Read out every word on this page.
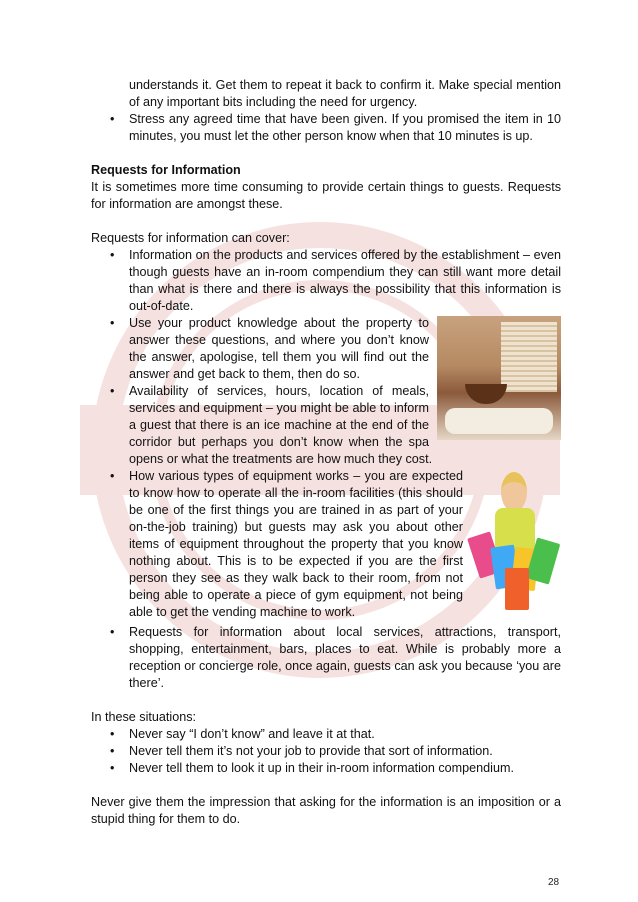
understands it. Get them to repeat it back to confirm it. Make special mention of any important bits including the need for urgency.

•	Stress any agreed time that have been given. If you promised the item in 10 minutes, you must let the other person know when that 10 minutes is up.

Requests for Information

It is sometimes more time consuming to provide certain things to guests. Requests for information are amongst these.

Requests for information can cover:

•	Information on the products and services offered by the establishment – even though guests have an in-room compendium they can still want more detail than what is there and there is always the possibility that this information is out-of-date.
•	Use your product knowledge about the property to answer these questions, and where you don’t know the answer, apologise, tell them you will find out the answer and get back to them, then do so.
•	Availability of services, hours, location of meals, services and equipment – you might be able to inform a guest that there is an ice machine at the end of the corridor but perhaps you don’t know when the spa opens or what the treatments are how much they cost.
•	How various types of equipment works – you are expected to know how to operate all the in-room facilities (this should be one of the first things you are trained in as part of your on-the-job training) but guests may ask you about other items of equipment throughout the property that you know nothing about. This is to be expected if you are the first person they see as they walk back to their room, from not being able to operate a piece of gym equipment, not being able to get the vending machine to work.
•	Requests for information about local services, attractions, transport, shopping, entertainment, bars, places to eat. While is probably more a reception or concierge role, once again, guests can ask you because ‘you are there’.

In these situations:

•	Never say “I don’t know” and leave it at that.
•	Never tell them it’s not your job to provide that sort of information.
•	Never tell them to look it up in their in-room information compendium.

Never give them the impression that asking for the information is an imposition or a stupid thing for them to do.

28
